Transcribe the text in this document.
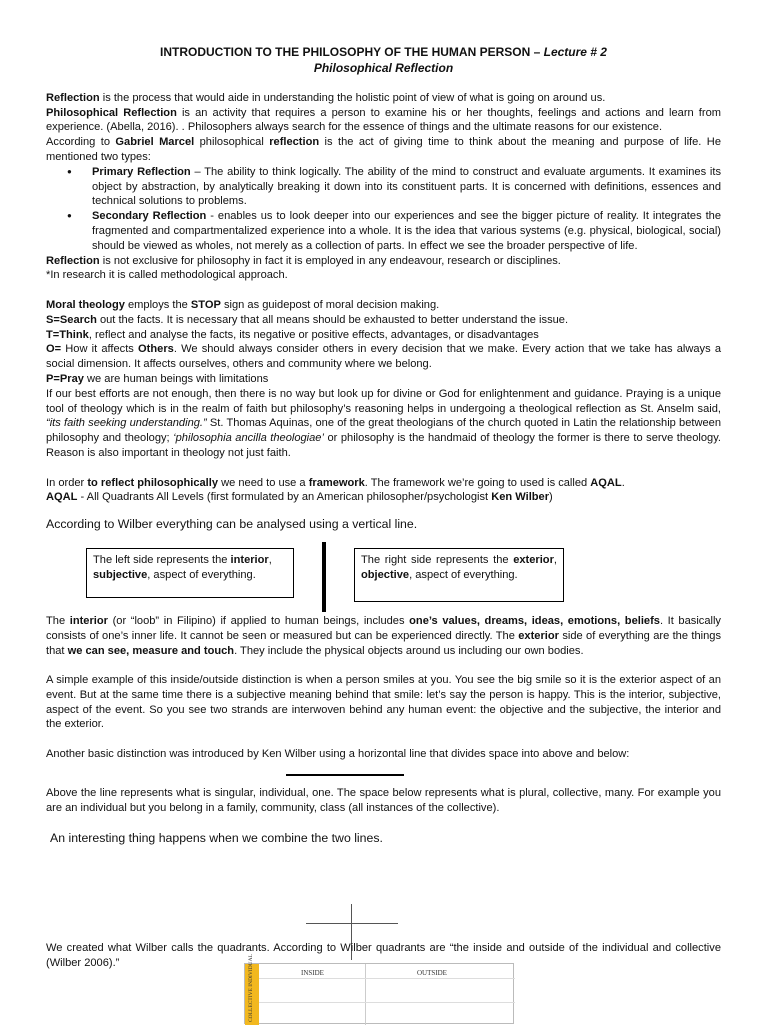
INTRODUCTION TO THE PHILOSOPHY OF THE HUMAN PERSON – Lecture # 2
Philosophical Reflection

Reflection is the process that would aide in understanding the holistic point of view of what is going on around us.

Philosophical Reflection is an activity that requires a person to examine his or her thoughts, feelings and actions and learn from experience. (Abella, 2016). . Philosophers always search for the essence of things and the ultimate reasons for our existence.

According to Gabriel Marcel philosophical reflection is the act of giving time to think about the meaning and purpose of life. He mentioned two types:

● Primary Reflection – The ability to think logically. The ability of the mind to construct and evaluate arguments. It examines its object by abstraction, by analytically breaking it down into its constituent parts. It is concerned with definitions, essences and technical solutions to problems.
● Secondary Reflection - enables us to look deeper into our experiences and see the bigger picture of reality. It integrates the fragmented and compartmentalized experience into a whole. It is the idea that various systems (e.g. physical, biological, social) should be viewed as wholes, not merely as a collection of parts. In effect we see the broader perspective of life.

Reflection is not exclusive for philosophy in fact it is employed in any endeavour, research or disciplines.

*In research it is called methodological approach.

Moral theology employs the STOP sign as guidepost of moral decision making.

S=Search out the facts. It is necessary that all means should be exhausted to better understand the issue.

T=Think, reflect and analyse the facts, its negative or positive effects, advantages, or disadvantages

O= How it affects Others. We should always consider others in every decision that we make. Every action that we take has always a social dimension. It affects ourselves, others and community where we belong.

P=Pray we are human beings with limitations

If our best efforts are not enough, then there is no way but look up for divine or God for enlightenment and guidance. Praying is a unique tool of theology which is in the realm of faith but philosophy’s reasoning helps in undergoing a theological reflection as St. Anselm said, “its faith seeking understanding.” St. Thomas Aquinas, one of the great theologians of the church quoted in Latin the relationship between philosophy and theology; ‘philosophia ancilla theologiae’ or philosophy is the handmaid of theology the former is there to serve theology. Reason is also important in theology not just faith.

In order to reflect philosophically we need to use a framework. The framework we’re going to used is called AQAL.

AQAL - All Quadrants All Levels (first formulated by an American philosopher/psychologist Ken Wilber)

According to Wilber everything can be analysed using a vertical line.

The left side represents the interior, subjective, aspect of everything.
The right side represents the exterior, objective, aspect of everything.

The interior (or “loob” in Filipino) if applied to human beings, includes one’s values, dreams, ideas, emotions, beliefs. It basically consists of one’s inner life. It cannot be seen or measured but can be experienced directly. The exterior side of everything are the things that we can see, measure and touch. They include the physical objects around us including our own bodies.

A simple example of this inside/outside distinction is when a person smiles at you. You see the big smile so it is the exterior aspect of an event. But at the same time there is a subjective meaning behind that smile: let’s say the person is happy. This is the interior, subjective, aspect of the event. So you see two strands are interwoven behind any human event: the objective and the subjective, the interior and the exterior.

Another basic distinction was introduced by Ken Wilber using a horizontal line that divides space into above and below:

Above the line represents what is singular, individual, one. The space below represents what is plural, collective, many. For example you are an individual but you belong in a family, community, class (all instances of the collective).

An interesting thing happens when we combine the two lines.

We created what Wilber calls the quadrants. According to Wilber quadrants are “the inside and outside of the individual and collective (Wilber 2006).”	COLLECTIVE INDIVIDUAL	INSIDE	OUTSIDE
